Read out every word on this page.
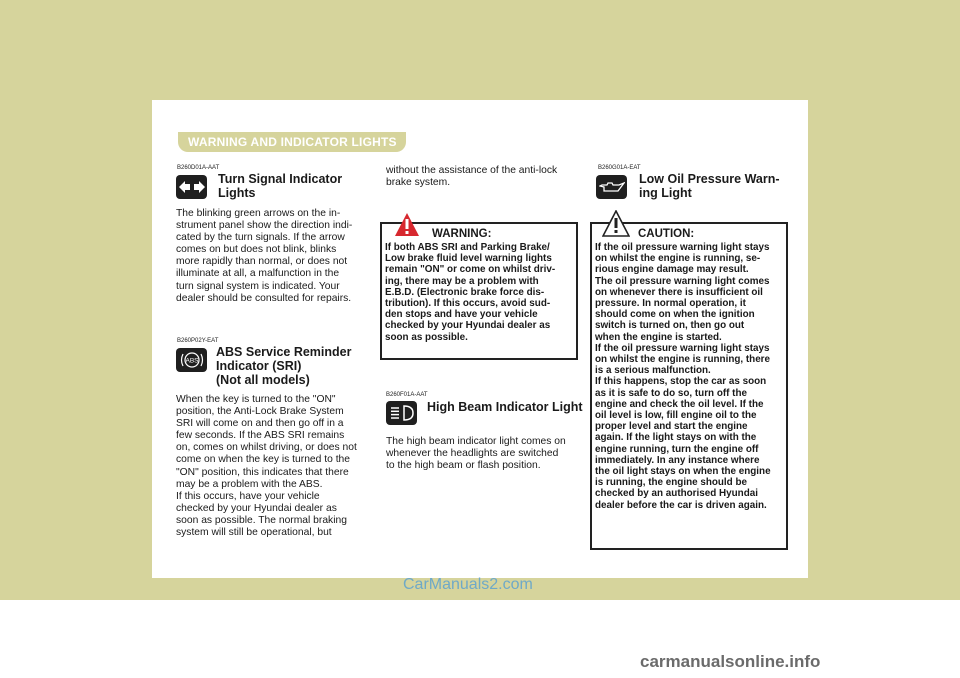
1 CONTROLS AND EQUIPMENT
50 WARNING AND INDICATOR LIGHTS
B260D01A-AAT
Turn Signal Indicator
Lights
The blinking green arrows on the in-
strument panel show the direction indi-
cated by the turn signals. If the arrow
comes on but does not blink, blinks
more rapidly than normal, or does not
illuminate at all, a malfunction in the
turn signal system is indicated. Your
dealer should be consulted for repairs.
B260P02Y-EAT
ABS
ABS Service Reminder
Indicator (SRI)
(Not all models)
When the key is turned to the "ON"
position, the Anti-Lock Brake System
SRI will come on and then go off in a
few seconds. If the ABS SRI remains
on, comes on whilst driving, or does not
come on when the key is turned to the
"ON" position, this indicates that there
may be a problem with the ABS.
If this occurs, have your vehicle
checked by your Hyundai dealer as
soon as possible. The normal braking
system will still be operational, but
without the assistance of the anti-lock
brake system.
WARNING:
If both ABS SRI and Parking Brake/
Low brake fluid level warning lights
remain "ON" or come on whilst driv-
ing, there may be a problem with
E.B.D. (Electronic brake force dis-
tribution). If this occurs, avoid sud-
den stops and have your vehicle
checked by your Hyundai dealer as
soon as possible.
B260F01A-AAT
High Beam Indicator Light
The high beam indicator light comes on
whenever the headlights are switched
to the high beam or flash position.
B260G01A-EAT
Low Oil Pressure Warn-
ing Light
CAUTION:
If the oil pressure warning light stays
on whilst the engine is running, se-
rious engine damage may result.
The oil pressure warning light comes
on whenever there is insufficient oil
pressure. In normal operation, it
should come on when the ignition
switch is turned on, then go out
when the engine is started.
If the oil pressure warning light stays
on whilst the engine is running, there
is a serious malfunction.
If this happens, stop the car as soon
as it is safe to do so, turn off the
engine and check the oil level. If the
oil level is low, fill engine oil to the
proper level and start the engine
again. If the light stays on with the
engine running, turn the engine off
immediately. In any instance where
the oil light stays on when the engine
is running, the engine should be
checked by an authorised Hyundai
dealer before the car is driven again.
CarManuals2.com
carmanualsonline.info
